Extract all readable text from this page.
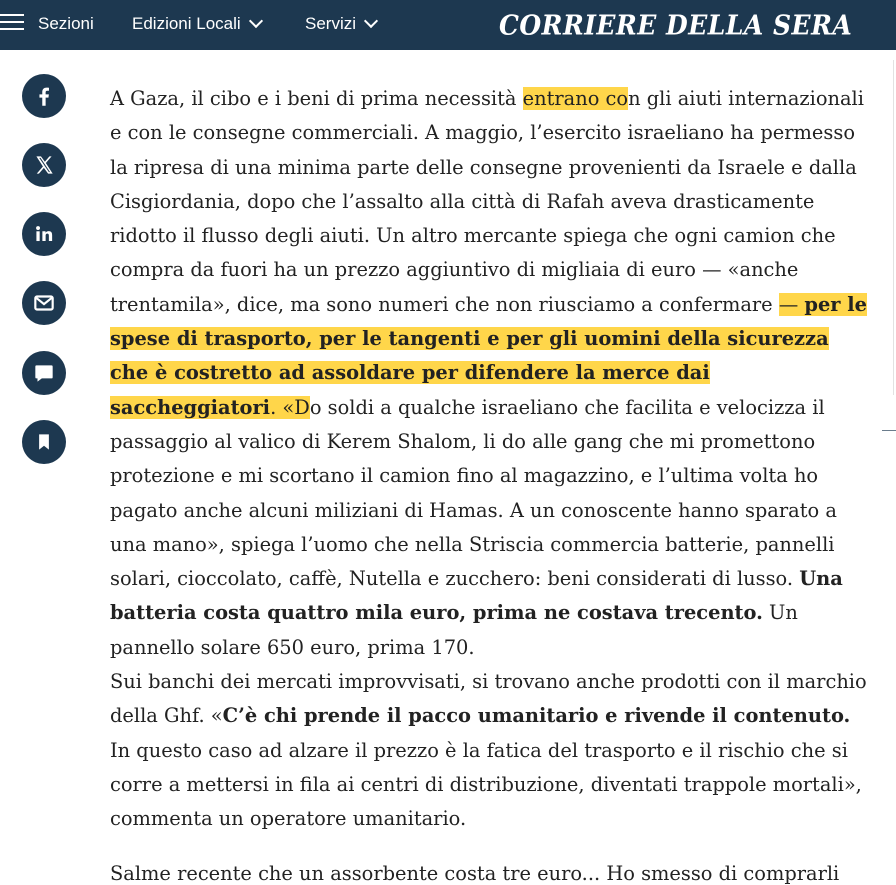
Sezioni Edizioni Locali	Servizi	CORRIERE DELLA SERA

A Gaza, il cibo e i beni di prima necessità entrano con gli aiuti internazionali e con le consegne commerciali. A maggio, l’esercito israeliano ha permesso la ripresa di una minima parte delle consegne provenienti da Israele e dalla Cisgiordania, dopo che l’assalto alla città di Rafah aveva drasticamente ridotto il flusso degli aiuti. Un altro mercante spiega che ogni camion che compra da fuori ha un prezzo aggiuntivo di migliaia di euro — «anche trentamila», dice, ma sono numeri che non riusciamo a confermare — per le spese di trasporto, per le tangenti e per gli uomini della sicurezza che è costretto ad assoldare per difendere la merce dai saccheggiatori. «Do soldi a qualche israeliano che facilita e velocizza il passaggio al valico di Kerem Shalom, li do alle gang che mi promettono protezione e mi scortano il camion fino al magazzino, e l’ultima volta ho pagato anche alcuni miliziani di Hamas. A un conoscente hanno sparato a una mano», spiega l’uomo che nella Striscia commercia batterie, pannelli solari, cioccolato, caffè, Nutella e zucchero: beni considerati di lusso. Una batteria costa quattro mila euro, prima ne costava trecento. Un pannello solare 650 euro, prima 170.

Sui banchi dei mercati improvvisati, si trovano anche prodotti con il marchio della Ghf. «C’è chi prende il pacco umanitario e rivende il contenuto. In questo caso ad alzare il prezzo è la fatica del trasporto e il rischio che si corre a mettersi in fila ai centri di distribuzione, diventati trappole mortali», commenta un operatore umanitario.

Salme recente che un assorbente costa tre euro... Ho smesso di comprarli
